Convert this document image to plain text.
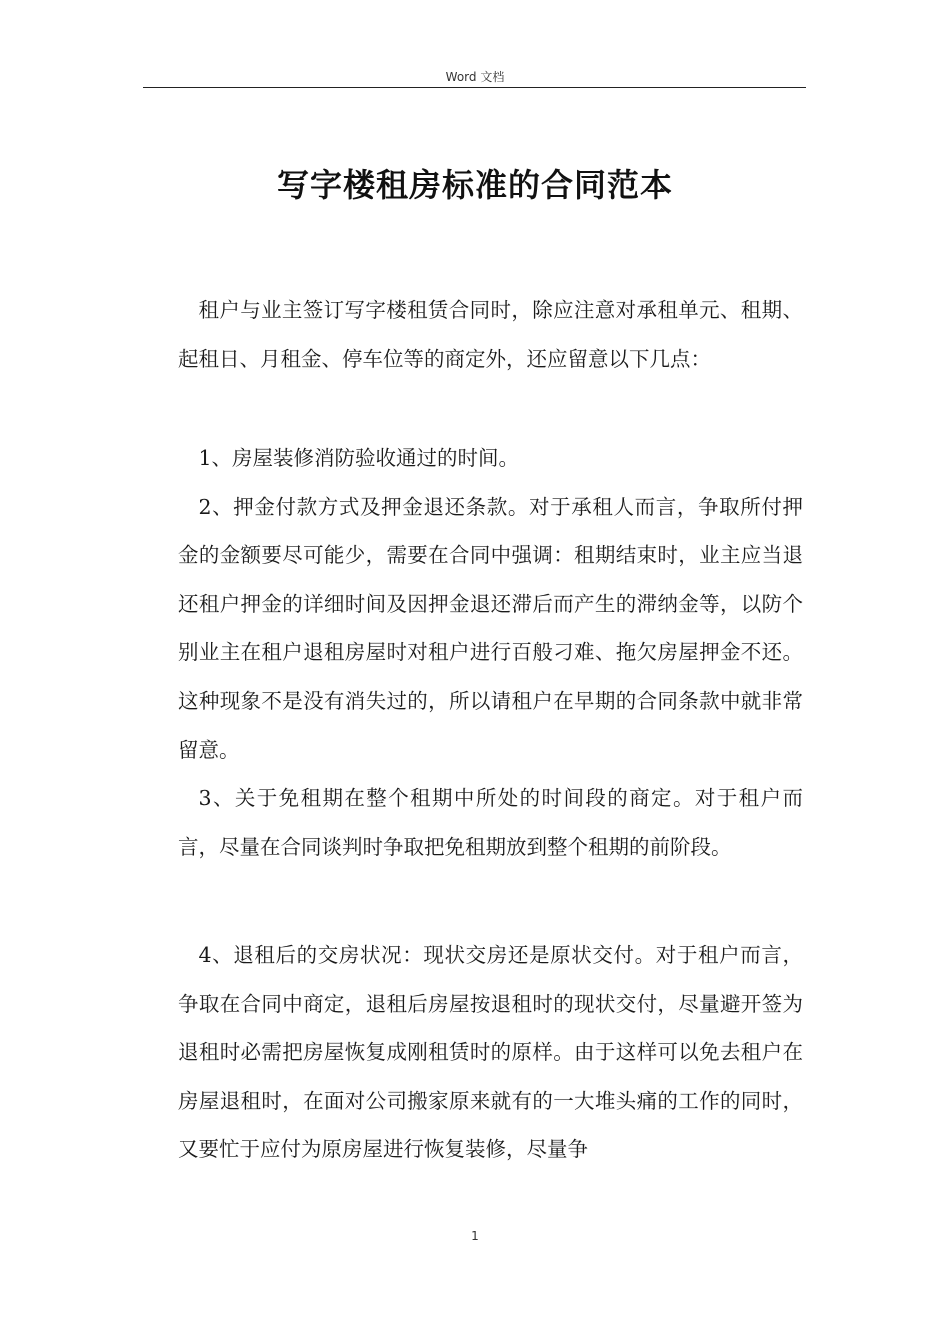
Word 文档
写字楼租房标准的合同范本

租户与业主签订写字楼租赁合同时，除应注意对承租单元、租期、起租日、月租金、停车位等的商定外，还应留意以下几点：

1、房屋装修消防验收通过的时间。

2、押金付款方式及押金退还条款。对于承租人而言，争取所付押金的金额要尽可能少，需要在合同中强调：租期结束时，业主应当退还租户押金的详细时间及因押金退还滞后而产生的滞纳金等，以防个别业主在租户退租房屋时对租户进行百般刁难、拖欠房屋押金不还。这种现象不是没有消失过的，所以请租户在早期的合同条款中就非常留意。

3、关于免租期在整个租期中所处的时间段的商定。对于租户而言，尽量在合同谈判时争取把免租期放到整个租期的前阶段。

4、退租后的交房状况：现状交房还是原状交付。对于租户而言，争取在合同中商定，退租后房屋按退租时的现状交付，尽量避开签为退租时必需把房屋恢复成刚租赁时的原样。由于这样可以免去租户在房屋退租时，在面对公司搬家原来就有的一大堆头痛的工作的同时，又要忙于应付为原房屋进行恢复装修，尽量争

1
